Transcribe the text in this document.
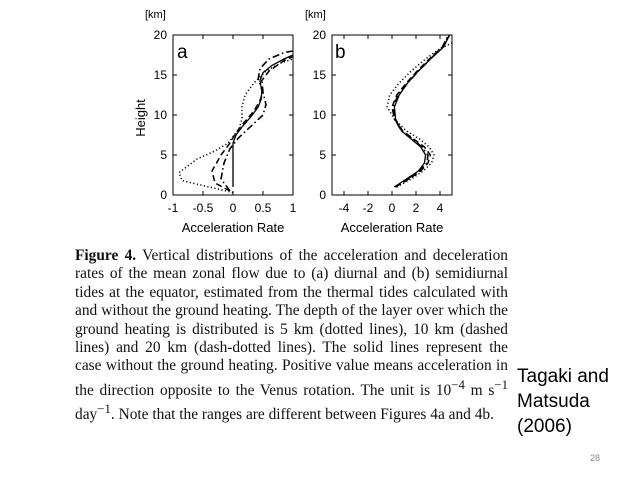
Height
[km]
a
Acceleration Rate
-1 -0.5 0 0.5 1
0
5
10
15
20
[km]
b
Acceleration Rate
-4 -2 0 2 4
0
5
10
15
20

Figure 4. Vertical distributions of the acceleration and deceleration rates of the mean zonal flow due to (a) diurnal and (b) semidiurnal tides at the equator, estimated from the thermal tides calculated with and without the ground heating. The depth of the layer over which the ground heating is distributed is 5 km (dotted lines), 10 km (dashed lines) and 20 km (dash-dotted lines). The solid lines represent the case without the ground heating. Positive value means acceleration in the direction opposite to the Venus rotation. The unit is $10^{-4}$ m $s^{-1}$ day$^{-1}$. Note that the ranges are different between Figures 4a and 4b.

Tagaki and
Matsuda
(2006)

28
